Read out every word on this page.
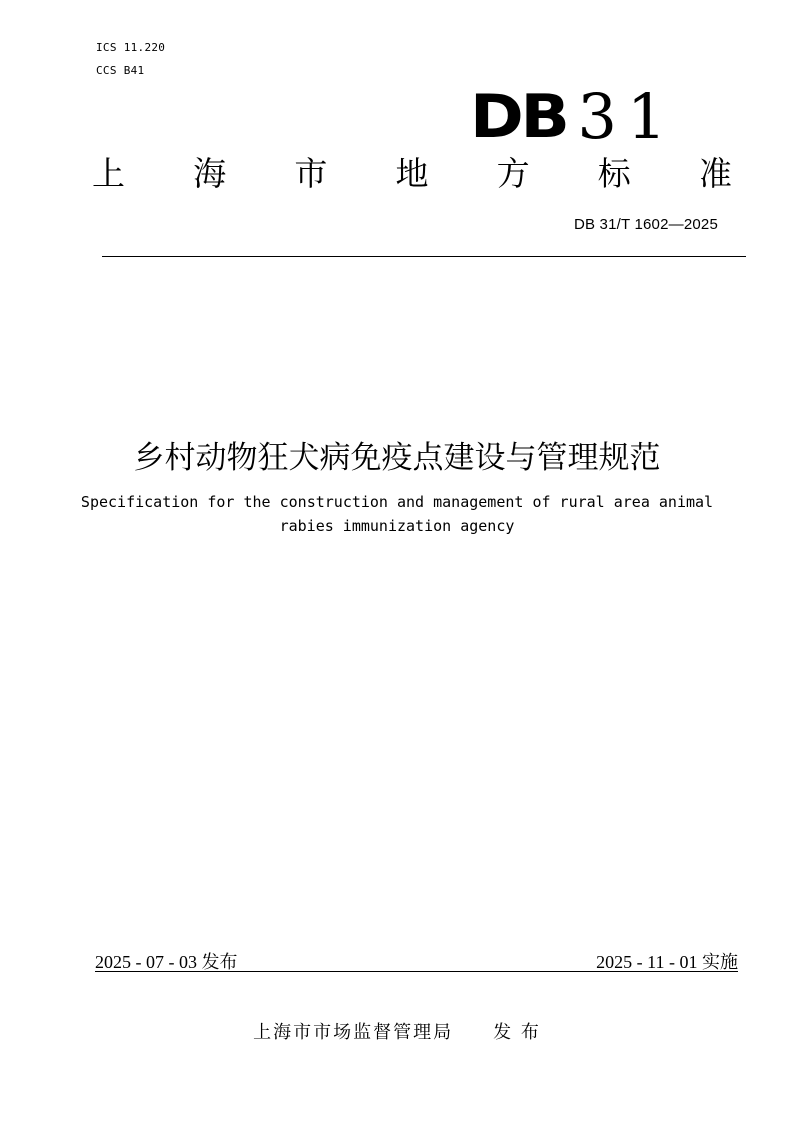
ICS 11.220
CCS B41
DB 31
上 海 市 地 方 标 准
DB 31/T 1602—2025
乡村动物狂犬病免疫点建设与管理规范
Specification for the construction and management of rural area animal
rabies immunization agency
2025 - 07 - 03 发布	2025 - 11 - 01 实施
上海市市场监督管理局 发 布
